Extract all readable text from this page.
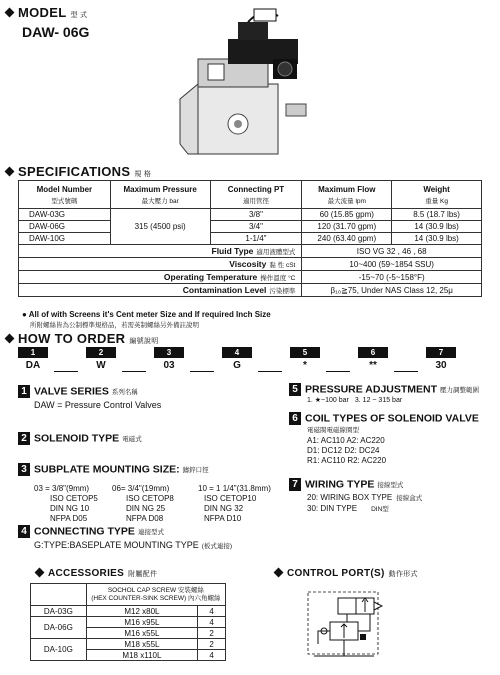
MODEL 型 式
DAW- 06G
SPECIFICATIONS 規 格
Model Number
型式號碼	Maximum Pressure
最大壓力 bar	Connecting PT
適用管徑	Maximum Flow
最大流量 lpm	Weight
重量 Kg

DAW-03G	315 (4500 psi)	3/8"	60 (15.85 gpm)	8.5 (18.7 lbs)
DAW-06G		3/4"	120 (31.70 gpm)	14 (30.9 lbs)
DAW-10G		1-1/4"	240 (63.40 gpm)	14 (30.9 lbs)
Fluid Type 適用液體型式			ISO VG 32 , 46 , 68	
Viscosity 黏 性 cSt			10~400 (59~1854 SSU)	
Operating Temperature 操作溫度 °C			-15~70 (-5~158°F)	
Contamination Level 污染標準			β₁₀≧75, Under NAS Class 12, 25μ	
● All of with Screens it's Cent meter Size and If required Inch Size
所附螺絲皆為公制標準規格品，若需英制螺絲另外備註說明
HOW TO ORDER 編號說明
1	2	3	4	5	6	7
DA	W	03	G	*	**	30
1 VALVE SERIES 系列名稱
DAW = Pressure Control Valves
2 SOLENOID TYPE 電磁式
3 SUBPLATE MOUNTING SIZE: 鑄鋅口徑
03 = 3/8"(9mm)
ISO CETOP5
DIN NG 10
NFPA D05
06= 3/4"(19mm)
ISO CETOP8
DIN NG 25
NFPA D08
10 = 1 1/4"(31.8mm)
ISO CETOP10
DIN NG 32
NFPA D10
4 CONNECTING TYPE 連接型式
G:TYPE:BASEPLATE MOUNTING TYPE (板式連接)
5 PRESSURE ADJUSTMENT 壓力調整範圍
1. ★~100 bar 3. 12 ~ 315 bar
6 COIL TYPES OF SOLENOID VALVE
電磁閥電磁線圈型
A1: AC110 A2: AC220
D1: DC12 D2: DC24
R1: AC110 R2: AC220
7 WIRING TYPE 接線型式
20: WIRING BOX TYPE 接線盒式
30: DIN TYPE DIN型
ACCESSORIES 附屬配件

	SOCHOL CAP SCREW 安裝螺絲
(HEX COUNTER-SINK SCREW) 內六角螺絲	

DA-03G	M12 x80L	4
DA-06G	M16 x95L	4
	M16 x55L	2
DA-10G	M18 x55L	2
	M18 x110L	4
CONTROL PORT(S) 動作形式
